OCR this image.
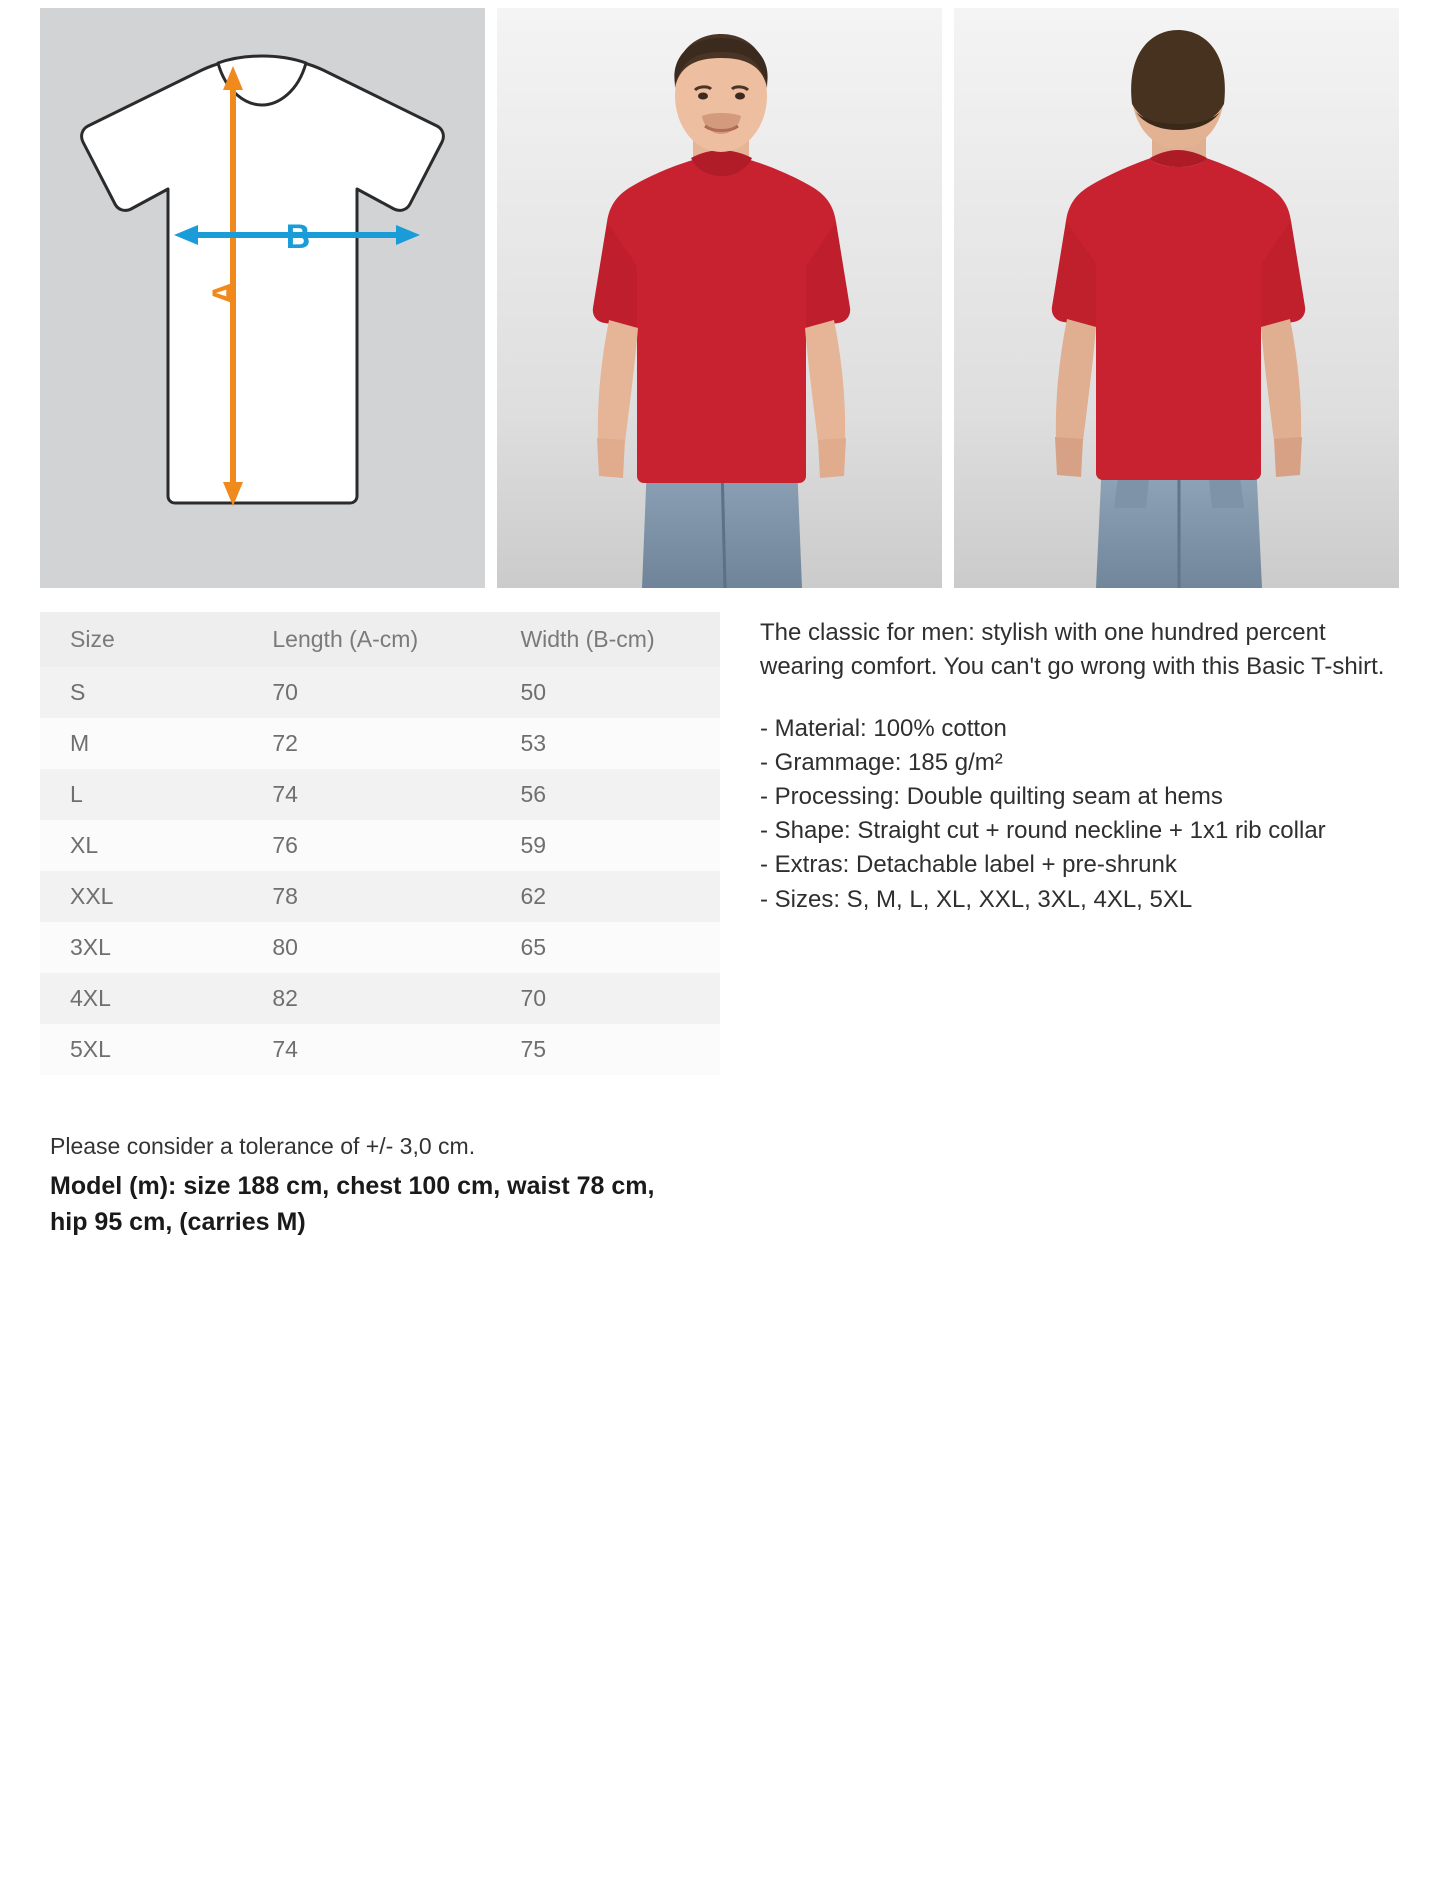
A
B
Size	Length (A-cm)	Width (B-cm)
S	70	50
M	72	53
L	74	56
XL	76	59
XXL	78	62
3XL	80	65
4XL	82	70
5XL	74	75

The classic for men: stylish with one hundred percent wearing comfort. You can't go wrong with this Basic T-shirt.

- Material: 100% cotton
- Grammage: 185 g/m²
- Processing: Double quilting seam at hems
- Shape: Straight cut + round neckline + 1x1 rib collar
- Extras: Detachable label + pre-shrunk
- Sizes: S, M, L, XL, XXL, 3XL, 4XL, 5XL

Please consider a tolerance of +/- 3,0 cm.

Model (m): size 188 cm, chest 100 cm, waist 78 cm, hip 95 cm, (carries M)
